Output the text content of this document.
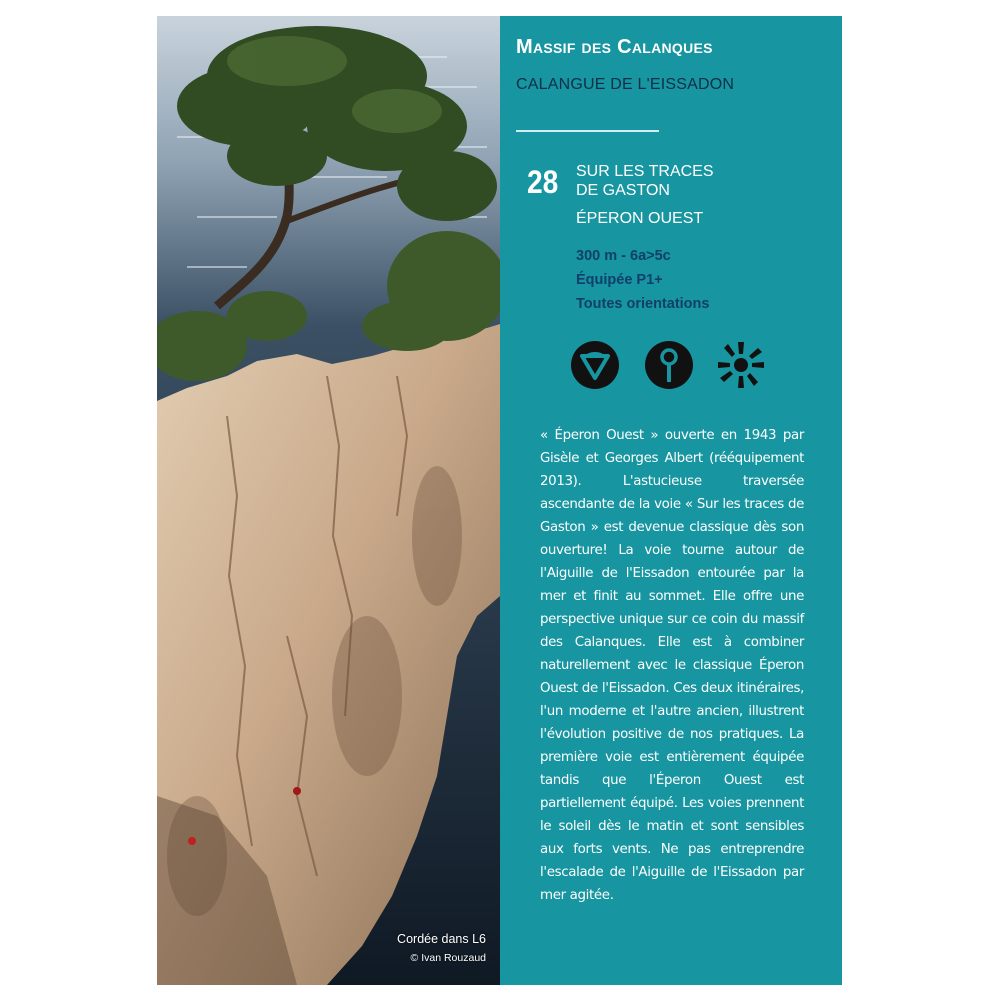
Cordée dans L6
© Ivan Rouzaud
Massif des Calanques
CALANGUE DE L'EISSADON
28 SUR LES TRACES
DE GASTON
ÉPERON OUEST
300 m - 6a>5c
Équipée P1+
Toutes orientations
« Éperon Ouest » ouverte en 1943 par Gisèle et Georges Albert (rééquipement 2013). L'astucieuse traversée ascendante de la voie « Sur les traces de Gaston » est devenue classique dès son ouverture! La voie tourne autour de l'Aiguille de l'Eissadon entourée par la mer et finit au sommet. Elle offre une perspective unique sur ce coin du massif des Calanques. Elle est à combiner naturellement avec le classique Éperon Ouest de l'Eissadon. Ces deux itinéraires, l'un moderne et l'autre ancien, illustrent l'évolution positive de nos pratiques. La première voie est entièrement équipée tandis que l'Éperon Ouest est partiellement équipé. Les voies prennent le soleil dès le matin et sont sensibles aux forts vents. Ne pas entreprendre l'escalade de l'Aiguille de l'Eissadon par mer agitée.
